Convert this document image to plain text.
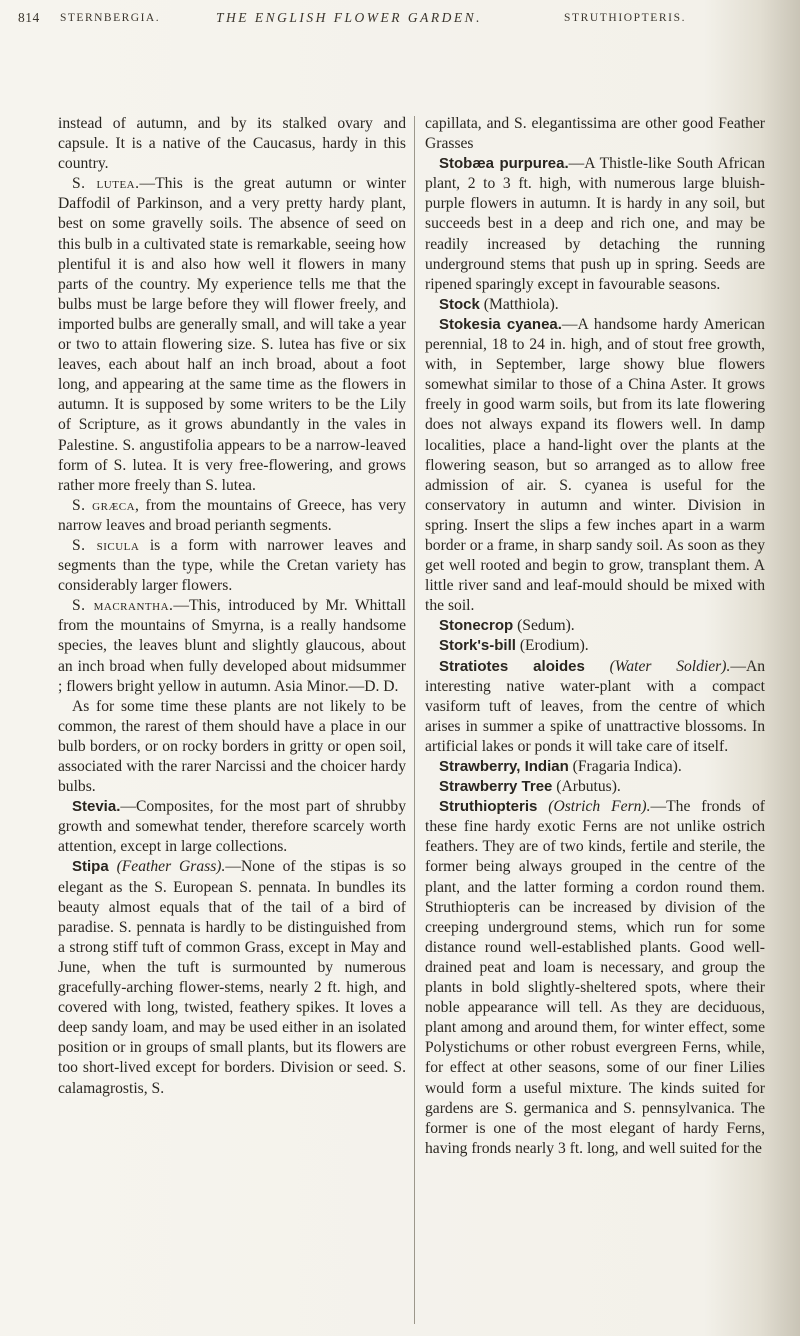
814 STERNBERGIA.	THE ENGLISH FLOWER GARDEN.	STRUTHIOPTERIS.

instead of autumn, and by its stalked ovary and capsule. It is a native of the Caucasus, hardy in this country.

S. lutea.—This is the great autumn or winter Daffodil of Parkinson, and a very pretty hardy plant, best on some gravelly soils. The absence of seed on this bulb in a cultivated state is remarkable, seeing how plentiful it is and also how well it flowers in many parts of the country. My experience tells me that the bulbs must be large before they will flower freely, and imported bulbs are generally small, and will take a year or two to attain flowering size. S. lutea has five or six leaves, each about half an inch broad, about a foot long, and appearing at the same time as the flowers in autumn. It is supposed by some writers to be the Lily of Scripture, as it grows abundantly in the vales in Palestine. S. angustifolia appears to be a narrow-leaved form of S. lutea. It is very free-flowering, and grows rather more freely than S. lutea.

S. græca, from the mountains of Greece, has very narrow leaves and broad perianth segments.

S. sicula is a form with narrower leaves and segments than the type, while the Cretan variety has considerably larger flowers.

S. macrantha.—This, introduced by Mr. Whittall from the mountains of Smyrna, is a really handsome species, the leaves blunt and slightly glaucous, about an inch broad when fully developed about midsummer ; flowers bright yellow in autumn. Asia Minor.—D. D.

As for some time these plants are not likely to be common, the rarest of them should have a place in our bulb borders, or on rocky borders in gritty or open soil, associated with the rarer Narcissi and the choicer hardy bulbs.

Stevia.—Composites, for the most part of shrubby growth and somewhat tender, therefore scarcely worth attention, except in large collections.

Stipa (Feather Grass).—None of the stipas is so elegant as the S. European S. pennata. In bundles its beauty almost equals that of the tail of a bird of paradise. S. pennata is hardly to be distinguished from a strong stiff tuft of common Grass, except in May and June, when the tuft is surmounted by numerous gracefully-arching flower-stems, nearly 2 ft. high, and covered with long, twisted, feathery spikes. It loves a deep sandy loam, and may be used either in an isolated position or in groups of small plants, but its flowers are too short-lived except for borders. Division or seed. S. calamagrostis, S.

capillata, and S. elegantissima are other good Feather Grasses

Stobæa purpurea.—A Thistle-like South African plant, 2 to 3 ft. high, with numerous large bluish-purple flowers in autumn. It is hardy in any soil, but succeeds best in a deep and rich one, and may be readily increased by detaching the running underground stems that push up in spring. Seeds are ripened sparingly except in favourable seasons.

Stock (Matthiola).

Stokesia cyanea.—A handsome hardy American perennial, 18 to 24 in. high, and of stout free growth, with, in September, large showy blue flowers somewhat similar to those of a China Aster. It grows freely in good warm soils, but from its late flowering does not always expand its flowers well. In damp localities, place a hand-light over the plants at the flowering season, but so arranged as to allow free admission of air. S. cyanea is useful for the conservatory in autumn and winter. Division in spring. Insert the slips a few inches apart in a warm border or a frame, in sharp sandy soil. As soon as they get well rooted and begin to grow, transplant them. A little river sand and leaf-mould should be mixed with the soil.

Stonecrop (Sedum).

Stork's-bill (Erodium).

Stratiotes aloides (Water Soldier).—An interesting native water-plant with a compact vasiform tuft of leaves, from the centre of which arises in summer a spike of unattractive blossoms. In artificial lakes or ponds it will take care of itself.

Strawberry, Indian (Fragaria Indica).

Strawberry Tree (Arbutus).

Struthiopteris (Ostrich Fern).—The fronds of these fine hardy exotic Ferns are not unlike ostrich feathers. They are of two kinds, fertile and sterile, the former being always grouped in the centre of the plant, and the latter forming a cordon round them. Struthiopteris can be increased by division of the creeping underground stems, which run for some distance round well-established plants. Good well-drained peat and loam is necessary, and group the plants in bold slightly-sheltered spots, where their noble appearance will tell. As they are deciduous, plant among and around them, for winter effect, some Polystichums or other robust evergreen Ferns, while, for effect at other seasons, some of our finer Lilies would form a useful mixture. The kinds suited for gardens are S. germanica and S. pennsylvanica. The former is one of the most elegant of hardy Ferns, having fronds nearly 3 ft. long, and well suited for the
